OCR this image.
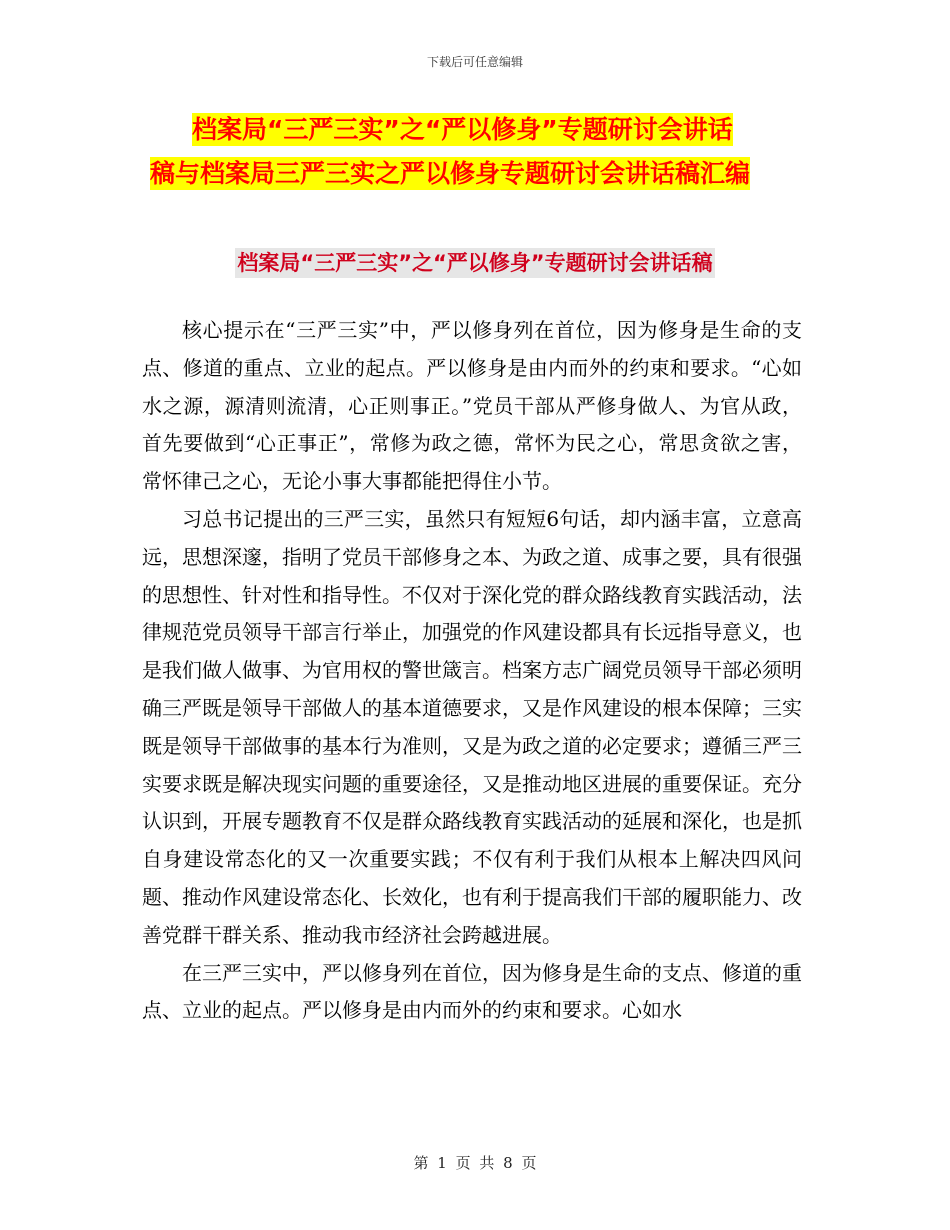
下载后可任意编辑
档案局“三严三实”之“严以修身”专题研讨会讲话
稿与档案局三严三实之严以修身专题研讨会讲话稿汇编
档案局“三严三实”之“严以修身”专题研讨会讲话稿

核心提示在“三严三实”中，严以修身列在首位，因为修身是生命的支点、修道的重点、立业的起点。严以修身是由内而外的约束和要求。“心如水之源，源清则流清，心正则事正。”党员干部从严修身做人、为官从政，首先要做到“心正事正”，常修为政之德，常怀为民之心，常思贪欲之害，常怀律己之心，无论小事大事都能把得住小节。

习总书记提出的三严三实，虽然只有短短6句话，却内涵丰富，立意高远，思想深邃，指明了党员干部修身之本、为政之道、成事之要，具有很强的思想性、针对性和指导性。不仅对于深化党的群众路线教育实践活动，法律规范党员领导干部言行举止，加强党的作风建设都具有长远指导意义，也是我们做人做事、为官用权的警世箴言。档案方志广阔党员领导干部必须明确三严既是领导干部做人的基本道德要求，又是作风建设的根本保障；三实既是领导干部做事的基本行为准则，又是为政之道的必定要求；遵循三严三实要求既是解决现实问题的重要途径，又是推动地区进展的重要保证。充分认识到，开展专题教育不仅是群众路线教育实践活动的延展和深化，也是抓自身建设常态化的又一次重要实践；不仅有利于我们从根本上解决四风问题、推动作风建设常态化、长效化，也有利于提高我们干部的履职能力、改善党群干群关系、推动我市经济社会跨越进展。

在三严三实中，严以修身列在首位，因为修身是生命的支点、修道的重点、立业的起点。严以修身是由内而外的约束和要求。心如水

第 1 页 共 8 页
